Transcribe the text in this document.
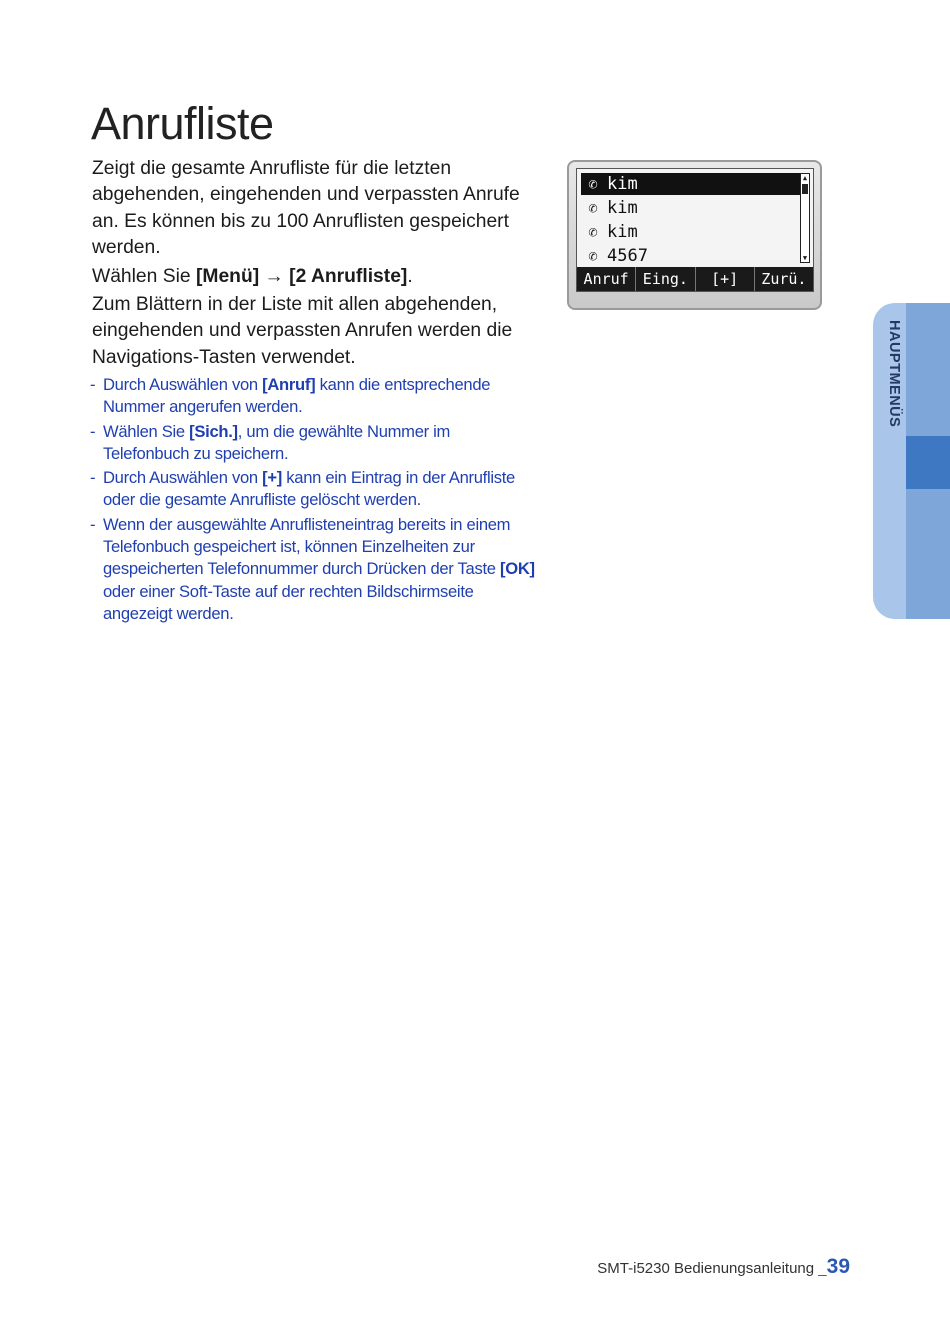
Anrufliste

Zeigt die gesamte Anrufliste für die letzten abgehenden, eingehenden und verpassten Anrufe an. Es können bis zu 100 Anruflisten gespeichert werden.

Wählen Sie [Menü] → [2 Anrufliste].

Zum Blättern in der Liste mit allen abgehenden, eingehenden und verpassten Anrufen werden die Navigations-Tasten verwendet.

- Durch Auswählen von [Anruf] kann die entsprechende Nummer angerufen werden.
- Wählen Sie [Sich.], um die gewählte Nummer im Telefonbuch zu speichern.
- Durch Auswählen von [+] kann ein Eintrag in der Anrufliste oder die gesamte Anrufliste gelöscht werden.
- Wenn der ausgewählte Anruflisteneintrag bereits in einem Telefonbuch gespeichert ist, können Einzelheiten zur gespeicherten Telefonnummer durch Drücken der Taste [OK] oder einer Soft-Taste auf der rechten Bildschirmseite angezeigt werden.
✆ kim
✆ kim
✆ kim
✆ 4567
▲
▼
Anruf Eing.	[+]	Zurü.
HAUPTMENÜS
SMT-i5230 Bedienungsanleitung _39
